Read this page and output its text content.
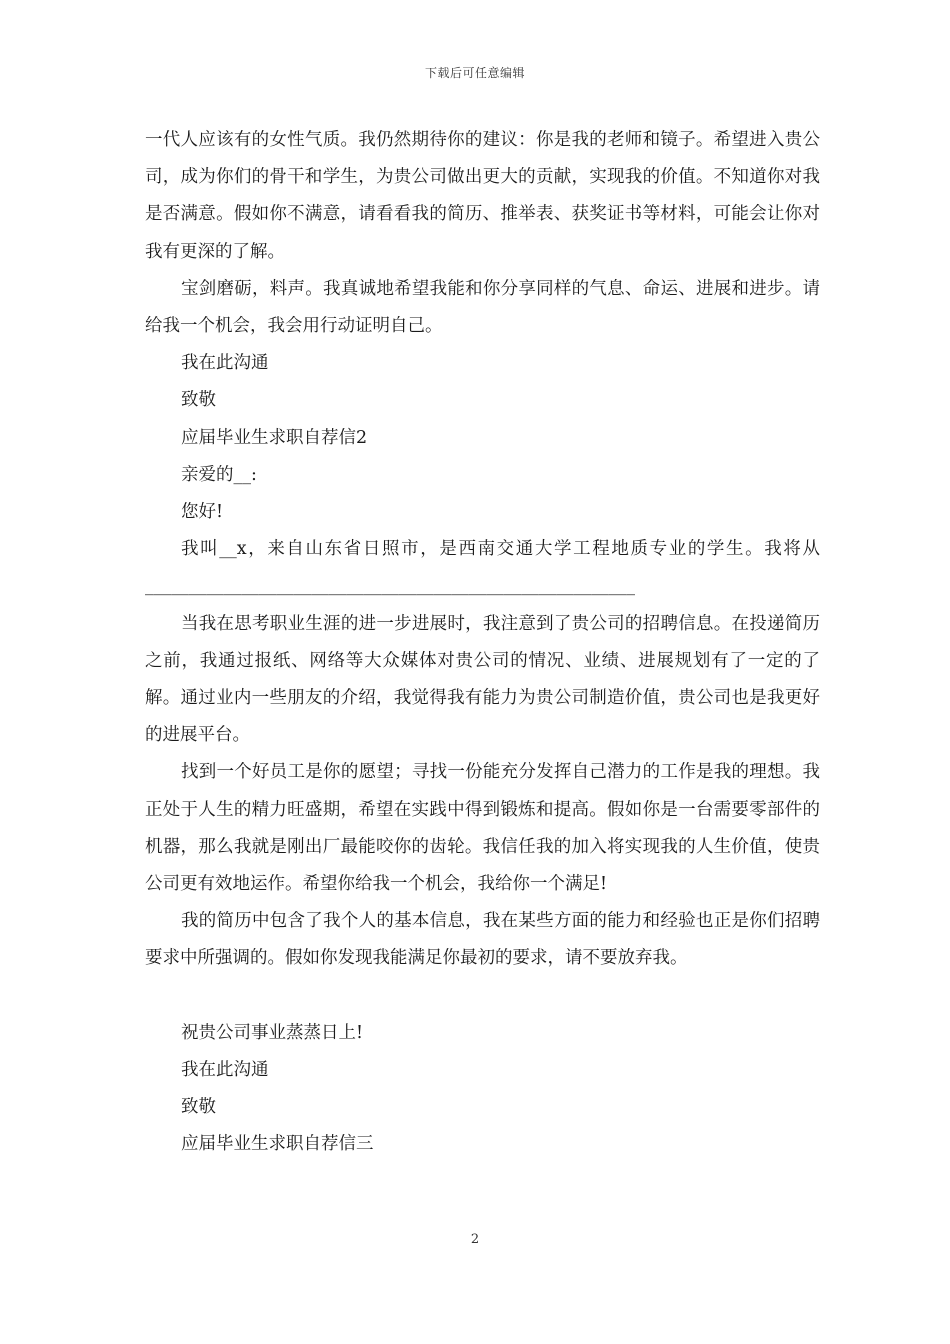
下载后可任意编辑

一代人应该有的女性气质。我仍然期待你的建议：你是我的老师和镜子。希望进入贵公司，成为你们的骨干和学生，为贵公司做出更大的贡献，实现我的价值。不知道你对我是否满意。假如你不满意，请看看我的简历、推举表、获奖证书等材料，可能会让你对我有更深的了解。

宝剑磨砺，料声。我真诚地希望我能和你分享同样的气息、命运、进展和进步。请给我一个机会，我会用行动证明自己。

我在此沟通

致敬

应届毕业生求职自荐信2

亲爱的__:

您好!

我叫__x，来自山东省日照市，是西南交通大学工程地质专业的学生。我将从________________________________________________________

当我在思考职业生涯的进一步进展时，我注意到了贵公司的招聘信息。在投递简历之前，我通过报纸、网络等大众媒体对贵公司的情况、业绩、进展规划有了一定的了解。通过业内一些朋友的介绍，我觉得我有能力为贵公司制造价值，贵公司也是我更好的进展平台。

找到一个好员工是你的愿望；寻找一份能充分发挥自己潜力的工作是我的理想。我正处于人生的精力旺盛期，希望在实践中得到锻炼和提高。假如你是一台需要零部件的机器，那么我就是刚出厂最能咬你的齿轮。我信任我的加入将实现我的人生价值，使贵公司更有效地运作。希望你给我一个机会，我给你一个满足!

我的简历中包含了我个人的基本信息，我在某些方面的能力和经验也正是你们招聘要求中所强调的。假如你发现我能满足你最初的要求，请不要放弃我。

祝贵公司事业蒸蒸日上!

我在此沟通

致敬

应届毕业生求职自荐信三

2
